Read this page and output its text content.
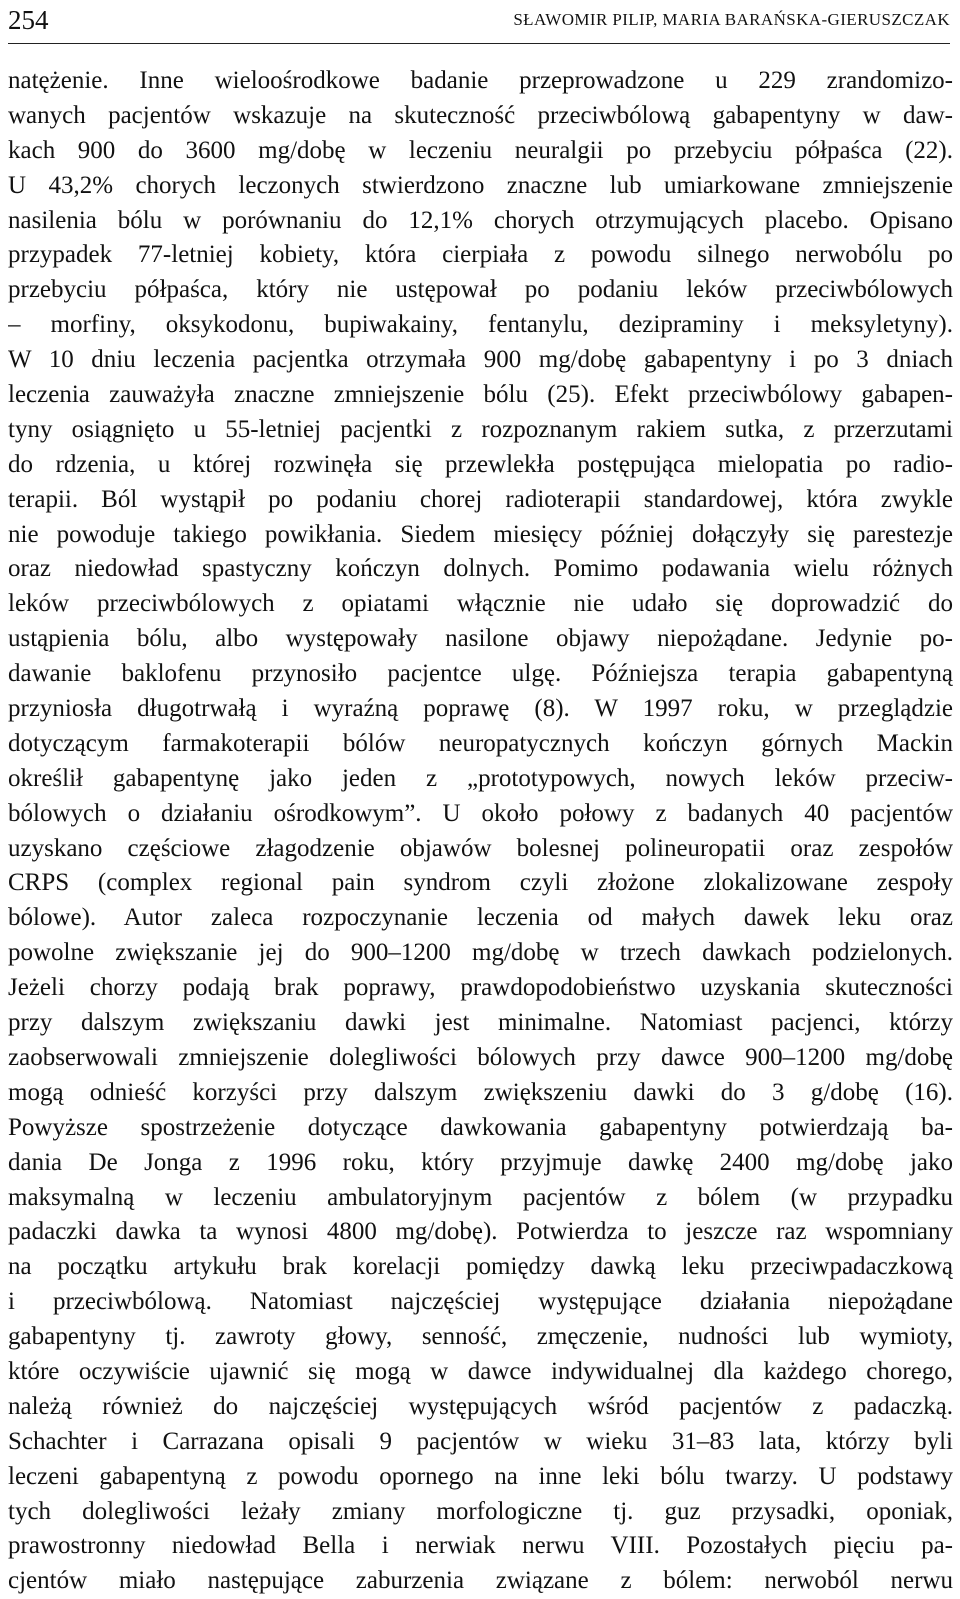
254	SŁAWOMIR PILIP, MARIA BARAŃSKA-GIERUSZCZAK
natężenie. Inne wieloośrodkowe badanie przeprowadzone u 229 zrandomizo-
wanych pacjentów wskazuje na skuteczność przeciwbólową gabapentyny w daw-
kach 900 do 3600 mg/dobę w leczeniu neuralgii po przebyciu półpaśca (22).
U 43,2% chorych leczonych stwierdzono znaczne lub umiarkowane zmniejszenie
nasilenia bólu w porównaniu do 12,1% chorych otrzymujących placebo. Opisano
przypadek 77-letniej kobiety, która cierpiała z powodu silnego nerwobólu po
przebyciu półpaśca, który nie ustępował po podaniu leków przeciwbólowych
– morfiny, oksykodonu, bupiwakainy, fentanylu, dezipraminy i meksyletyny).
W 10 dniu leczenia pacjentka otrzymała 900 mg/dobę gabapentyny i po 3 dniach
leczenia zauważyła znaczne zmniejszenie bólu (25). Efekt przeciwbólowy gabapen-
tyny osiągnięto u 55-letniej pacjentki z rozpoznanym rakiem sutka, z przerzutami
do rdzenia, u której rozwinęła się przewlekła postępująca mielopatia po radio-
terapii. Ból wystąpił po podaniu chorej radioterapii standardowej, która zwykle
nie powoduje takiego powikłania. Siedem miesięcy później dołączyły się parestezje
oraz niedowład spastyczny kończyn dolnych. Pomimo podawania wielu różnych
leków przeciwbólowych z opiatami włącznie nie udało się doprowadzić do
ustąpienia bólu, albo występowały nasilone objawy niepożądane. Jedynie po-
dawanie baklofenu przynosiło pacjentce ulgę. Późniejsza terapia gabapentyną
przyniosła długotrwałą i wyraźną poprawę (8). W 1997 roku, w przeglądzie
dotyczącym farmakoterapii bólów neuropatycznych kończyn górnych Mackin
określił gabapentynę jako jeden z „prototypowych, nowych leków przeciw-
bólowych o działaniu ośrodkowym”. U około połowy z badanych 40 pacjentów
uzyskano częściowe złagodzenie objawów bolesnej polineuropatii oraz zespołów
CRPS (complex regional pain syndrom czyli złożone zlokalizowane zespoły
bólowe). Autor zaleca rozpoczynanie leczenia od małych dawek leku oraz
powolne zwiększanie jej do 900–1200 mg/dobę w trzech dawkach podzielonych.
Jeżeli chorzy podają brak poprawy, prawdopodobieństwo uzyskania skuteczności
przy dalszym zwiększaniu dawki jest minimalne. Natomiast pacjenci, którzy
zaobserwowali zmniejszenie dolegliwości bólowych przy dawce 900–1200 mg/dobę
mogą odnieść korzyści przy dalszym zwiększeniu dawki do 3 g/dobę (16).
Powyższe spostrzeżenie dotyczące dawkowania gabapentyny potwierdzają ba-
dania De Jonga z 1996 roku, który przyjmuje dawkę 2400 mg/dobę jako
maksymalną w leczeniu ambulatoryjnym pacjentów z bólem (w przypadku
padaczki dawka ta wynosi 4800 mg/dobę). Potwierdza to jeszcze raz wspomniany
na początku artykułu brak korelacji pomiędzy dawką leku przeciwpadaczkową
i przeciwbólową. Natomiast najczęściej występujące działania niepożądane
gabapentyny tj. zawroty głowy, senność, zmęczenie, nudności lub wymioty,
które oczywiście ujawnić się mogą w dawce indywidualnej dla każdego chorego,
należą również do najczęściej występujących wśród pacjentów z padaczką.
Schachter i Carrazana opisali 9 pacjentów w wieku 31–83 lata, którzy byli
leczeni gabapentyną z powodu opornego na inne leki bólu twarzy. U podstawy
tych dolegliwości leżały zmiany morfologiczne tj. guz przysadki, oponiak,
prawostronny niedowład Bella i nerwiak nerwu VIII. Pozostałych pięciu pa-
cjentów miało następujące zaburzenia związane z bólem: nerwoból nerwu
